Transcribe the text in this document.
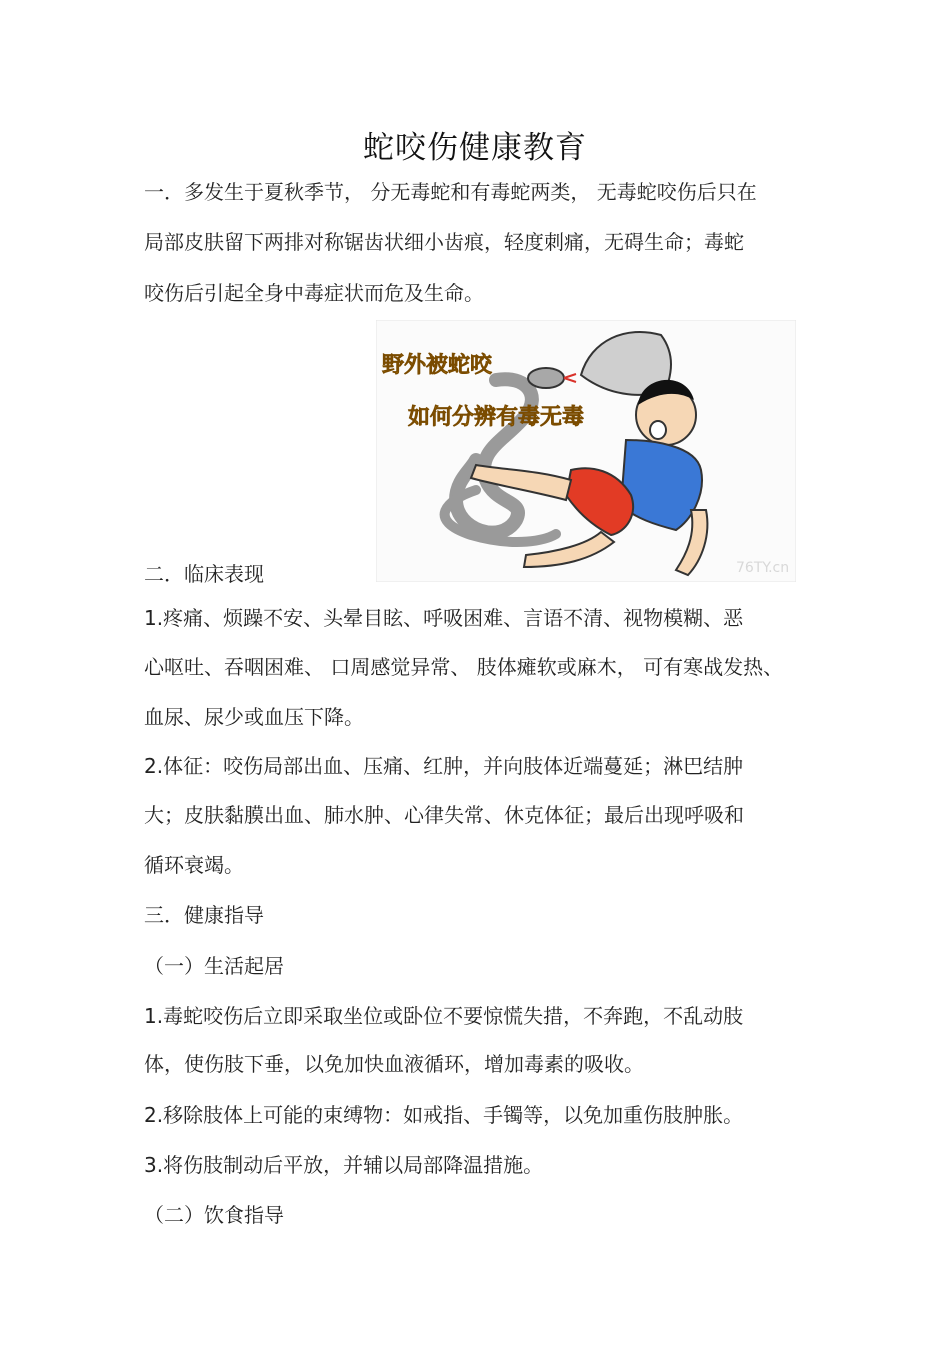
蛇咬伤健康教育
一．多发生于夏秋季节， 分无毒蛇和有毒蛇两类， 无毒蛇咬伤后只在
局部皮肤留下两排对称锯齿状细小齿痕，轻度刺痛，无碍生命；毒蛇
咬伤后引起全身中毒症状而危及生命。
野外被蛇咬
如何分辨有毒无毒
76TY.cn
二．临床表现
1.疼痛、烦躁不安、头晕目眩、呼吸困难、言语不清、视物模糊、恶
心呕吐、吞咽困难、 口周感觉异常、 肢体瘫软或麻木， 可有寒战发热、
血尿、尿少或血压下降。
2.体征：咬伤局部出血、压痛、红肿，并向肢体近端蔓延；淋巴结肿
大；皮肤黏膜出血、肺水肿、心律失常、休克体征；最后出现呼吸和
循环衰竭。
三．健康指导
（一）生活起居
1.毒蛇咬伤后立即采取坐位或卧位不要惊慌失措，不奔跑，不乱动肢
体，使伤肢下垂，以免加快血液循环，增加毒素的吸收。
2.移除肢体上可能的束缚物：如戒指、手镯等，以免加重伤肢肿胀。
3.将伤肢制动后平放，并辅以局部降温措施。
（二）饮食指导
